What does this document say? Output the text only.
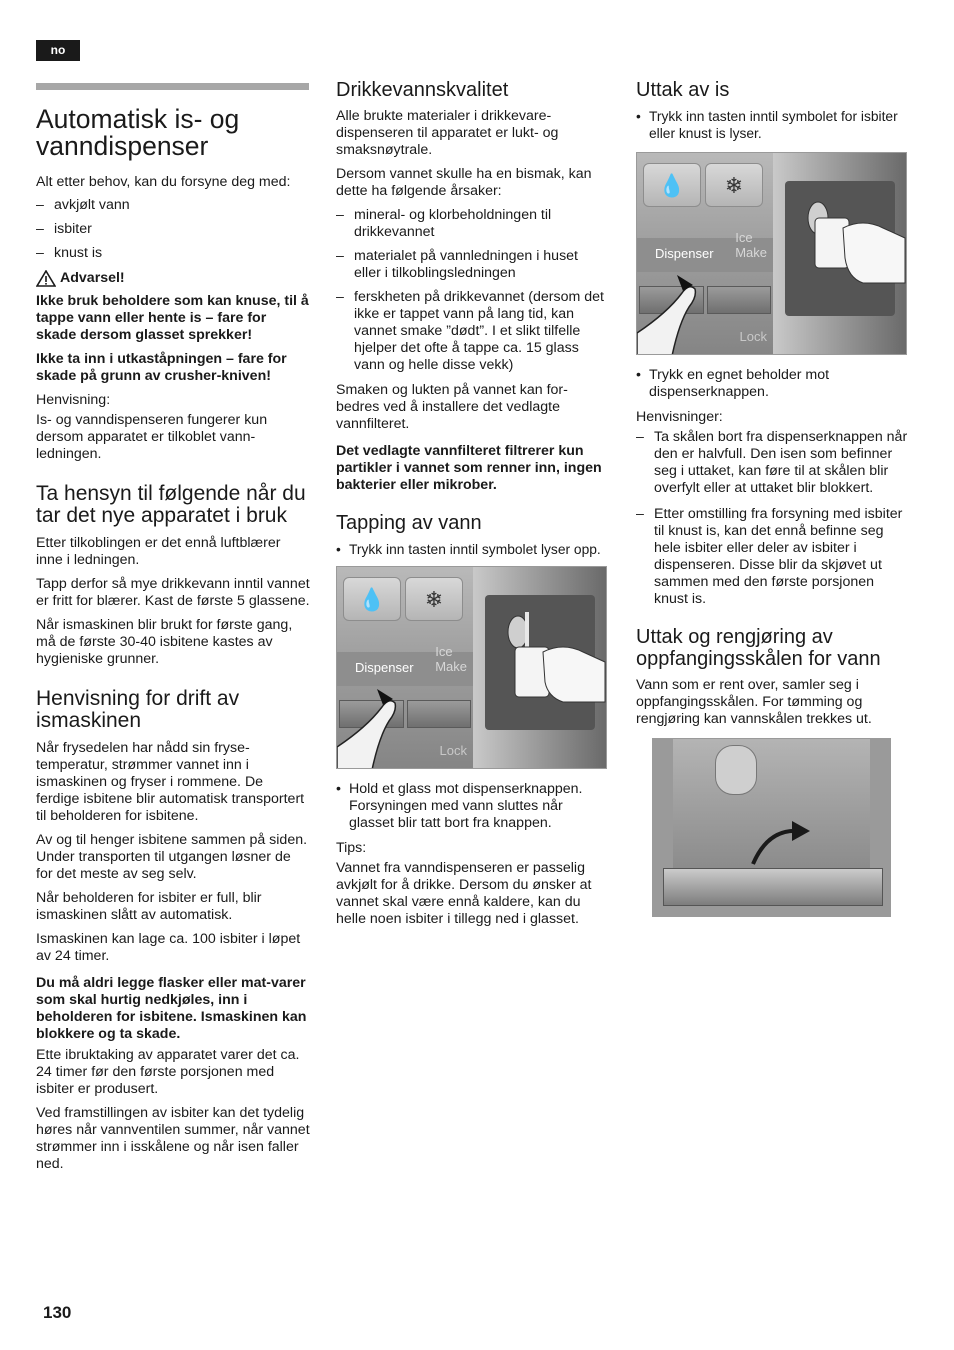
no
Automatisk is- og vanndispenser

Alt etter behov, kan du forsyne deg med:

– avkjølt vann
– isbiter
– knust is
Advarsel!

Ikke bruk beholdere som kan knuse, til å tappe vann eller hente is – fare for skade dersom glasset sprekker!

Ikke ta inn i utkaståpningen – fare for skade på grunn av crusher-kniven!

Henvisning:

Is- og vanndispenseren fungerer kun dersom apparatet er tilkoblet vann-ledningen.

Ta hensyn til følgende når du tar det nye apparatet i bruk

Etter tilkoblingen er det ennå luftblærer inne i ledningen.

Tapp derfor så mye drikkevann inntil vannet er fritt for blærer. Kast de første 5 glassene.

Når ismaskinen blir brukt for første gang, må de første 30-40 isbitene kastes av hygieniske grunner.

Henvisning for drift av ismaskinen

Når frysedelen har nådd sin fryse-temperatur, strømmer vannet inn i ismaskinen og fryser i rommene. De ferdige isbitene blir automatisk transportert til beholderen for isbitene.

Av og til henger isbitene sammen på siden. Under transporten til utgangen løsner de for det meste av seg selv.

Når beholderen for isbiter er full, blir ismaskinen slått av automatisk.

Ismaskinen kan lage ca. 100 isbiter i løpet av 24 timer.

Du må aldri legge flasker eller mat-varer som skal hurtig nedkjøles, inn i beholderen for isbitene. Ismaskinen kan blokkere og ta skade.

Ette ibruktaking av apparatet varer det ca. 24 timer før den første porsjonen med isbiter er produsert.

Ved framstillingen av isbiter kan det tydelig høres når vannventilen summer, når vannet strømmer inn i isskålene og når isen faller ned.

Drikkevannskvalitet

Alle brukte materialer i drikkevare-dispenseren til apparatet er lukt- og smaksnøytrale.

Dersom vannet skulle ha en bismak, kan dette ha følgende årsaker:

– mineral- og klorbeholdningen til drikkevannet
– materialet på vannledningen i huset eller i tilkoblingsledningen
– ferskheten på drikkevannet (dersom det ikke er tappet vann på lang tid, kan vannet smake ”dødt”. I et slikt tilfelle hjelper det ofte å tappe ca. 15 glass vann og helle disse vekk)

Smaken og lukten på vannet kan for-bedres ved å installere det vedlagte vannfilteret.

Det vedlagte vannfilteret filtrerer kun partikler i vannet som renner inn, ingen bakterier eller mikrober.

Tapping av vann
• Trykk inn tasten inntil symbolet lyser opp.
💧	❄
Dispenser
Ice
Make
Lock
• Hold et glass mot dispenserknappen. Forsyningen med vann sluttes når glasset blir tatt bort fra knappen.

Tips:

Vannet fra vanndispenseren er passelig avkjølt for å drikke. Dersom du ønsker at vannet skal være ennå kaldere, kan du helle noen isbiter i tillegg ned i glasset.

Uttak av is
• Trykk inn tasten inntil symbolet for isbiter eller knust is lyser.
💧	❄
Dispenser
Ice
Make
Lock
• Trykk en egnet beholder mot dispenserknappen.

Henvisninger:

– Ta skålen bort fra dispenserknappen når den er halvfull. Den isen som befinner seg i uttaket, kan føre til at skålen blir overfylt eller at uttaket blir blokkert.
– Etter omstilling fra forsyning med isbiter til knust is, kan det ennå befinne seg hele isbiter eller deler av isbiter i dispenseren. Disse blir da skjøvet ut sammen med den første porsjonen knust is.
Uttak og rengjøring av oppfangingsskålen for vann

Vann som er rent over, samler seg i oppfangingsskålen. For tømming og rengjøring kan vannskålen trekkes ut.

130
